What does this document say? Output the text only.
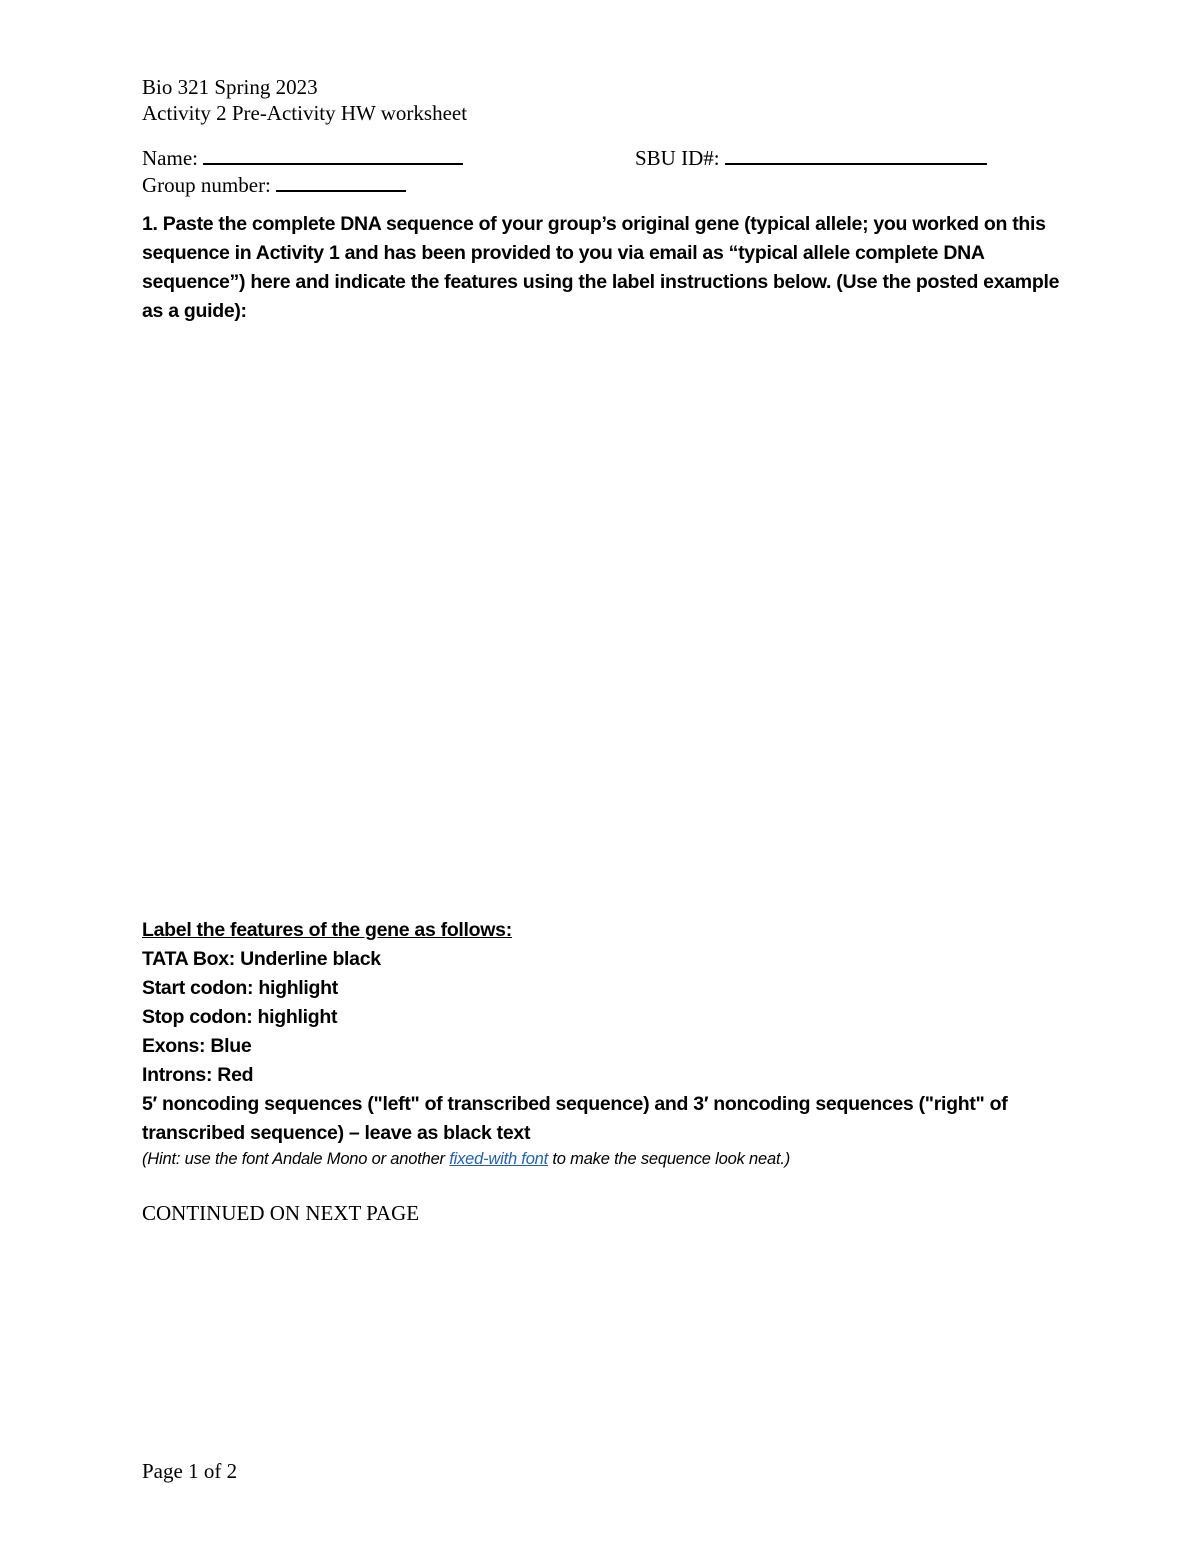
Bio 321 Spring 2023
Activity 2 Pre-Activity HW worksheet
Name:	SBU ID#:
Group number:
1. Paste the complete DNA sequence of your group’s original gene (typical allele; you worked on this sequence in Activity 1 and has been provided to you via email as “typical allele complete DNA sequence”) here and indicate the features using the label instructions below. (Use the posted example as a guide):
Label the features of the gene as follows:
TATA Box: Underline black
Start codon: highlight
Stop codon: highlight
Exons: Blue
Introns: Red
5′ noncoding sequences ("left" of transcribed sequence) and 3′ noncoding sequences ("right" of transcribed sequence) – leave as black text
(Hint: use the font Andale Mono or another fixed-with font to make the sequence look neat.)
CONTINUED ON NEXT PAGE
Page 1 of 2
